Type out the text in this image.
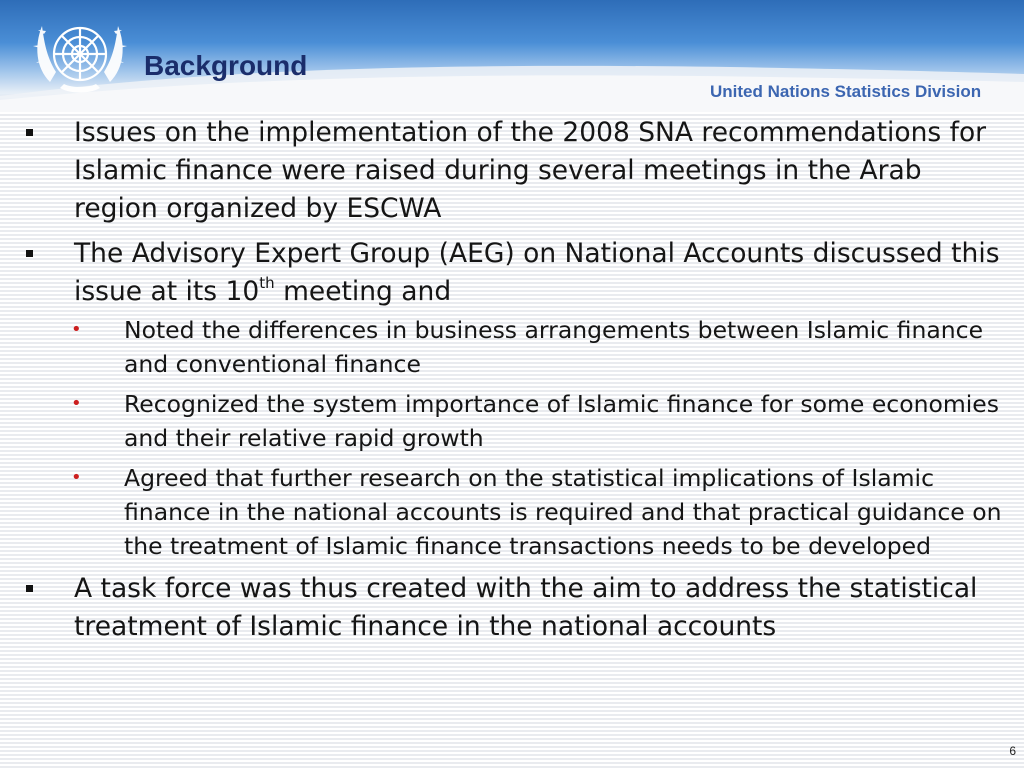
Background
United Nations Statistics Division
Issues on the implementation of the 2008 SNA recommendations for Islamic finance were raised during several meetings in the Arab region organized by ESCWA
The Advisory Expert Group (AEG) on National Accounts discussed this issue at its 10th meeting and
• Noted the differences in business arrangements between Islamic finance and conventional finance
• Recognized the system importance of Islamic finance for some economies and their relative rapid growth
• Agreed that further research on the statistical implications of Islamic finance in the national accounts is required and that practical guidance on the treatment of Islamic finance transactions needs to be developed
A task force was thus created with the aim to address the statistical treatment of Islamic finance in the national accounts
6
